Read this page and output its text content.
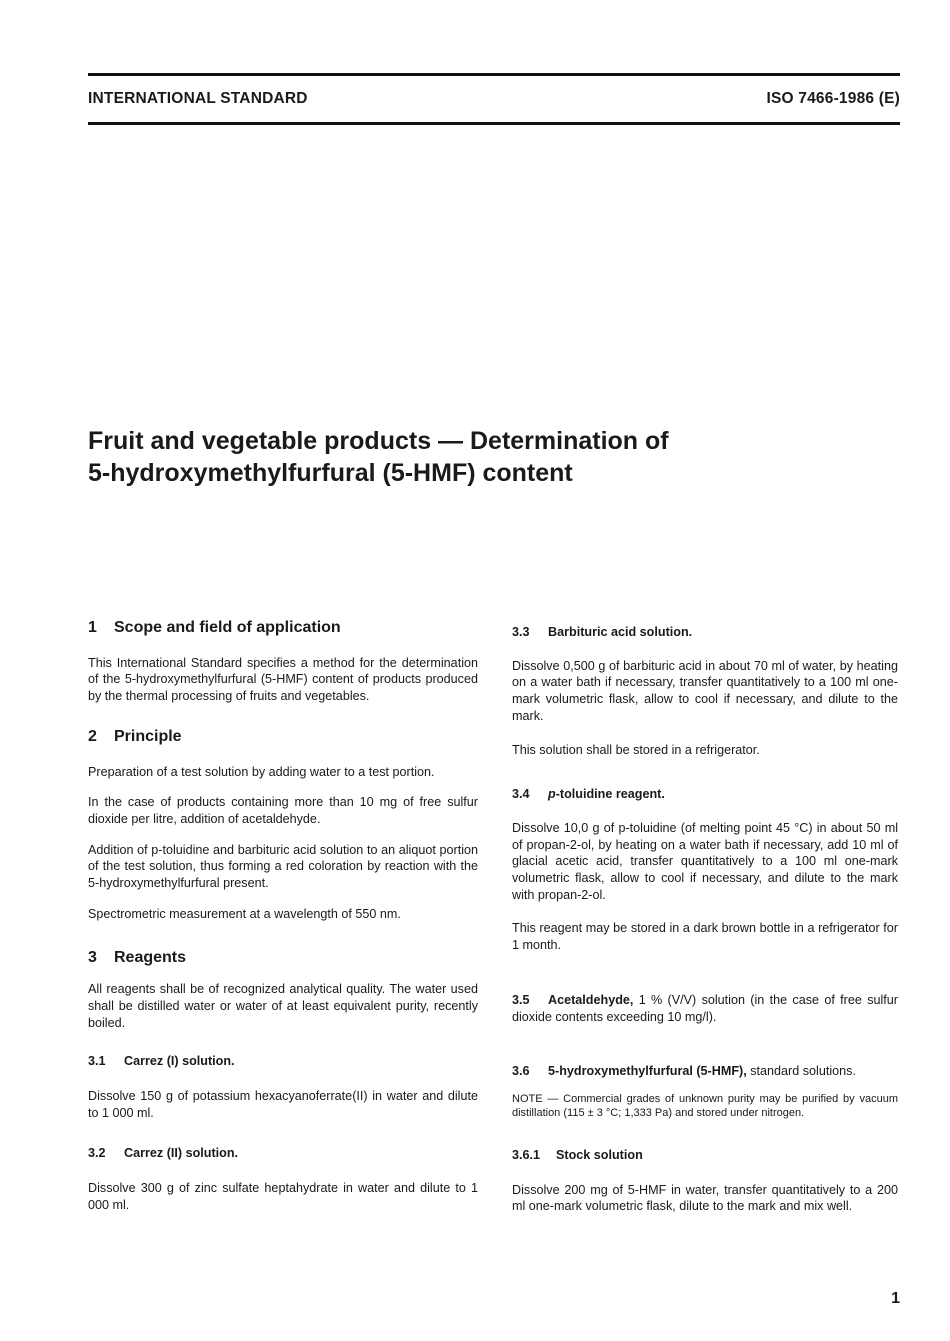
INTERNATIONAL STANDARD	ISO 7466-1986 (E)
Fruit and vegetable products — Determination of
5-hydroxymethylfurfural (5-HMF) content
1 Scope and field of application

This International Standard specifies a method for the determination of the 5-hydroxymethylfurfural (5-HMF) content of products produced by the thermal processing of fruits and vegetables.

2 Principle

Preparation of a test solution by adding water to a test portion.

In the case of products containing more than 10 mg of free sulfur dioxide per litre, addition of acetaldehyde.

Addition of p-toluidine and barbituric acid solution to an aliquot portion of the test solution, thus forming a red coloration by reaction with the 5-hydroxymethylfurfural present.

Spectrometric measurement at a wavelength of 550 nm.

3 Reagents

All reagents shall be of recognized analytical quality. The water used shall be distilled water or water of at least equivalent purity, recently boiled.

3.1 Carrez (I) solution.

Dissolve 150 g of potassium hexacyanoferrate(II) in water and dilute to 1 000 ml.

3.2 Carrez (II) solution.

Dissolve 300 g of zinc sulfate heptahydrate in water and dilute to 1 000 ml.

3.3 Barbituric acid solution.

Dissolve 0,500 g of barbituric acid in about 70 ml of water, by heating on a water bath if necessary, transfer quantitatively to a 100 ml one-mark volumetric flask, allow to cool if necessary, and dilute to the mark.

This solution shall be stored in a refrigerator.

3.4 p-toluidine reagent.

Dissolve 10,0 g of p-toluidine (of melting point 45 °C) in about 50 ml of propan-2-ol, by heating on a water bath if necessary, add 10 ml of glacial acetic acid, transfer quantitatively to a 100 ml one-mark volumetric flask, allow to cool if necessary, and dilute to the mark with propan-2-ol.

This reagent may be stored in a dark brown bottle in a refrigerator for 1 month.

3.5 Acetaldehyde, 1 % (V/V) solution (in the case of free sulfur dioxide contents exceeding 10 mg/l).

3.6 5-hydroxymethylfurfural (5-HMF), standard solutions.

NOTE — Commercial grades of unknown purity may be purified by vacuum distillation (115 ± 3 °C; 1,333 Pa) and stored under nitrogen.

3.6.1 Stock solution

Dissolve 200 mg of 5-HMF in water, transfer quantitatively to a 200 ml one-mark volumetric flask, dilute to the mark and mix well.

1
